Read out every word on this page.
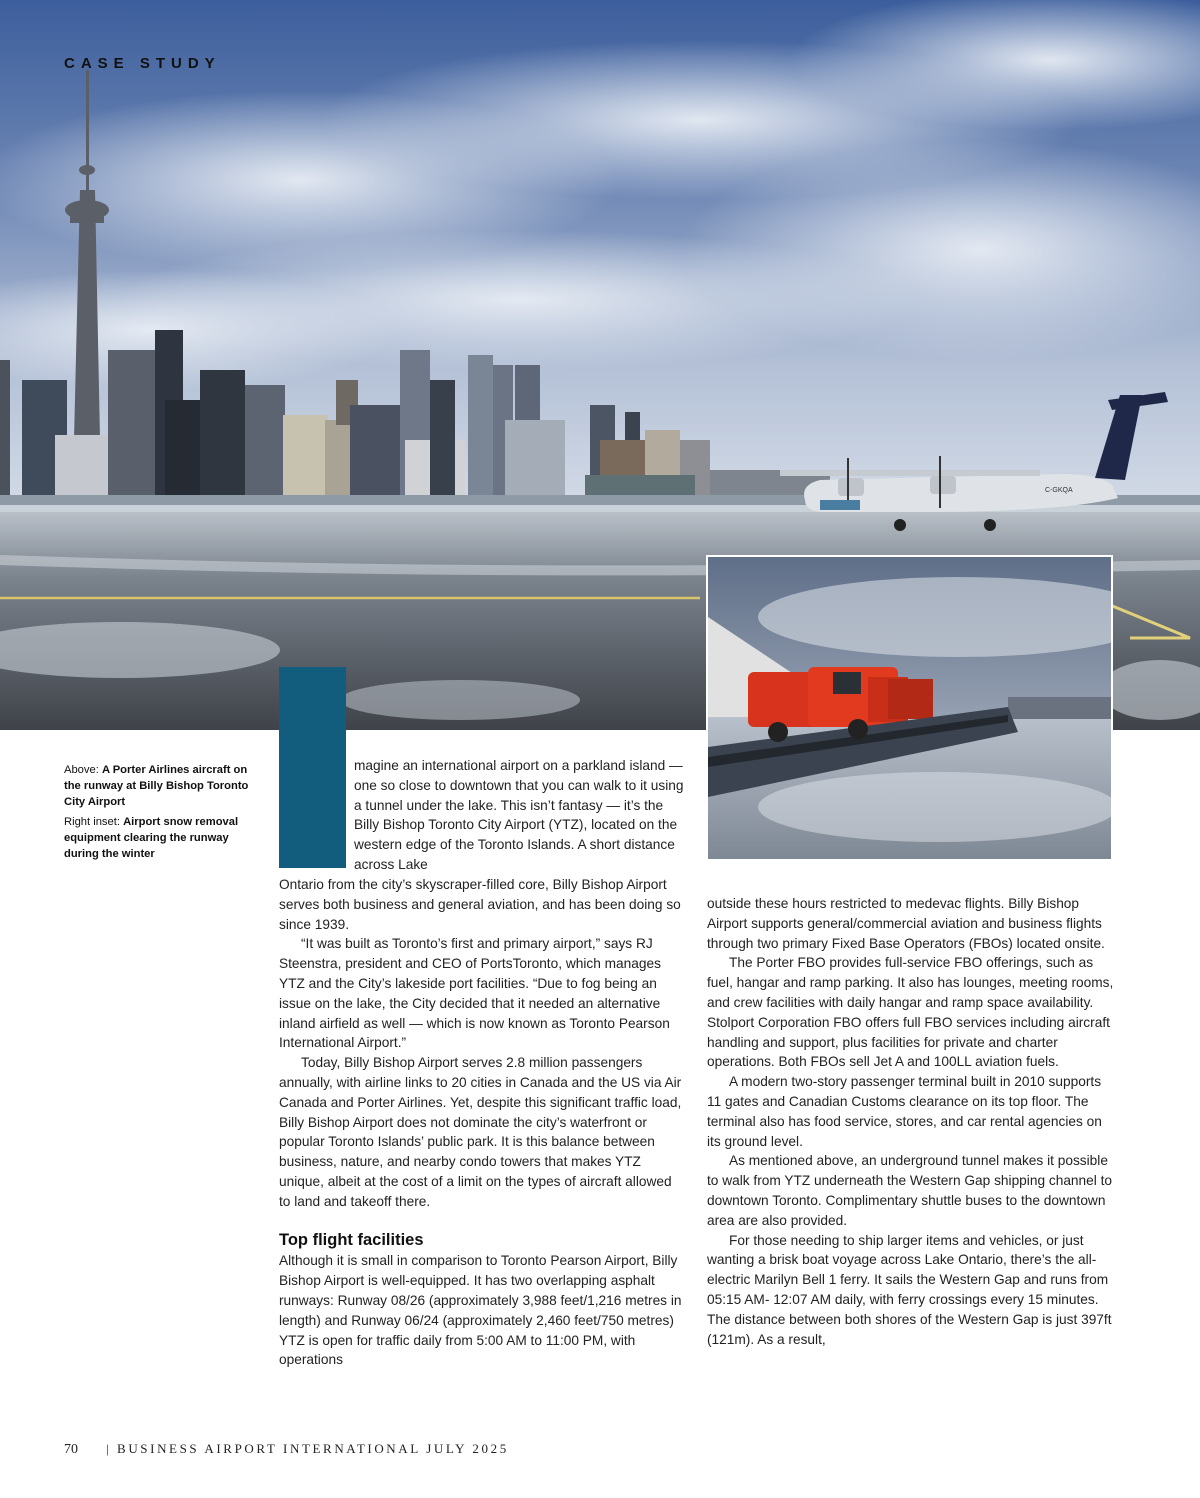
C-GKQA
CASE STUDY

Above: A Porter Airlines aircraft on the runway at Billy Bishop Toronto City Airport

Right inset: Airport snow removal equipment clearing the runway during the winter

magine an international airport on a parkland island — one so close to downtown that you can walk to it using a tunnel under the lake. This isn’t fantasy — it’s the Billy Bishop Toronto City Airport (YTZ), located on the western edge of the Toronto Islands. A short distance across Lake

Ontario from the city’s skyscraper-filled core, Billy Bishop Airport serves both business and general aviation, and has been doing so since 1939.

“It was built as Toronto’s first and primary airport,” says RJ Steenstra, president and CEO of PortsToronto, which manages YTZ and the City’s lakeside port facilities. “Due to fog being an issue on the lake, the City decided that it needed an alternative inland airfield as well — which is now known as Toronto Pearson International Airport.”

Today, Billy Bishop Airport serves 2.8 million passengers annually, with airline links to 20 cities in Canada and the US via Air Canada and Porter Airlines. Yet, despite this significant traffic load, Billy Bishop Airport does not dominate the city’s waterfront or popular Toronto Islands’ public park. It is this balance between business, nature, and nearby condo towers that makes YTZ unique, albeit at the cost of a limit on the types of aircraft allowed to land and takeoff there.

Top flight facilities

Although it is small in comparison to Toronto Pearson Airport, Billy Bishop Airport is well-equipped. It has two overlapping asphalt runways: Runway 08/26 (approximately 3,988 feet/1,216 metres in length) and Runway 06/24 (approximately 2,460 feet/750 metres) YTZ is open for traffic daily from 5:00 AM to 11:00 PM, with operations

outside these hours restricted to medevac flights. Billy Bishop Airport supports general/commercial aviation and business flights through two primary Fixed Base Operators (FBOs) located onsite.

The Porter FBO provides full-service FBO offerings, such as fuel, hangar and ramp parking. It also has lounges, meeting rooms, and crew facilities with daily hangar and ramp space availability. Stolport Corporation FBO offers full FBO services including aircraft handling and support, plus facilities for private and charter operations. Both FBOs sell Jet A and 100LL aviation fuels.

A modern two-story passenger terminal built in 2010 supports 11 gates and Canadian Customs clearance on its top floor. The terminal also has food service, stores, and car rental agencies on its ground level.

As mentioned above, an underground tunnel makes it possible to walk from YTZ underneath the Western Gap shipping channel to downtown Toronto. Complimentary shuttle buses to the downtown area are also provided.

For those needing to ship larger items and vehicles, or just wanting a brisk boat voyage across Lake Ontario, there’s the all-electric Marilyn Bell 1 ferry. It sails the Western Gap and runs from 05:15 AM- 12:07 AM daily, with ferry crossings every 15 minutes. The distance between both shores of the Western Gap is just 397ft (121m). As a result,

70 | BUSINESS AIRPORT INTERNATIONAL JULY 2025
